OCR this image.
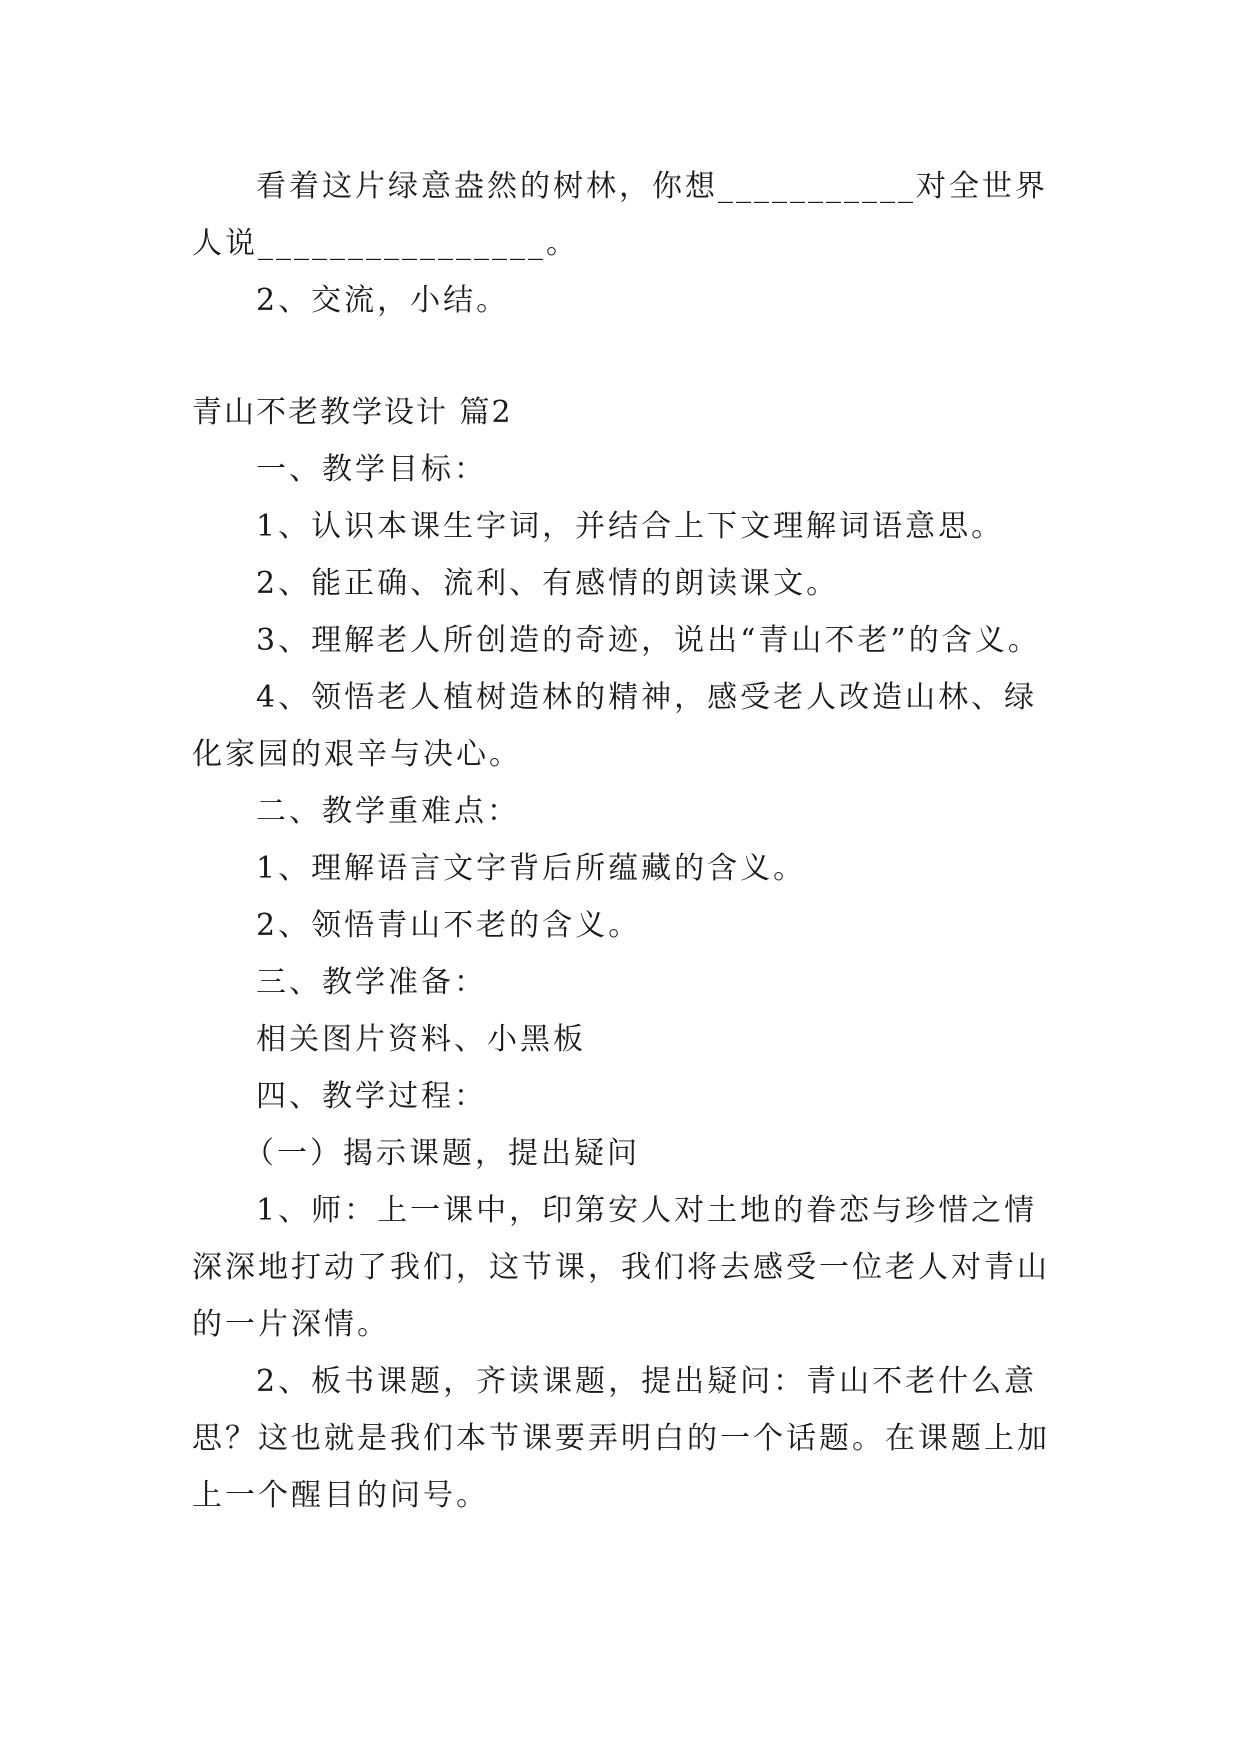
看着这片绿意盎然的树林，你想___________对全世界
人说________________。
2、交流，小结。
青山不老教学设计 篇2
一、教学目标：
1、认识本课生字词，并结合上下文理解词语意思。
2、能正确、流利、有感情的朗读课文。
3、理解老人所创造的奇迹，说出“青山不老”的含义。
4、领悟老人植树造林的精神，感受老人改造山林、绿
化家园的艰辛与决心。
二、教学重难点：
1、理解语言文字背后所蕴藏的含义。
2、领悟青山不老的含义。
三、教学准备：
相关图片资料、小黑板
四、教学过程：
（一）揭示课题，提出疑问
1、师：上一课中，印第安人对土地的眷恋与珍惜之情
深深地打动了我们，这节课，我们将去感受一位老人对青山
的一片深情。
2、板书课题，齐读课题，提出疑问：青山不老什么意
思？这也就是我们本节课要弄明白的一个话题。在课题上加
上一个醒目的问号。
